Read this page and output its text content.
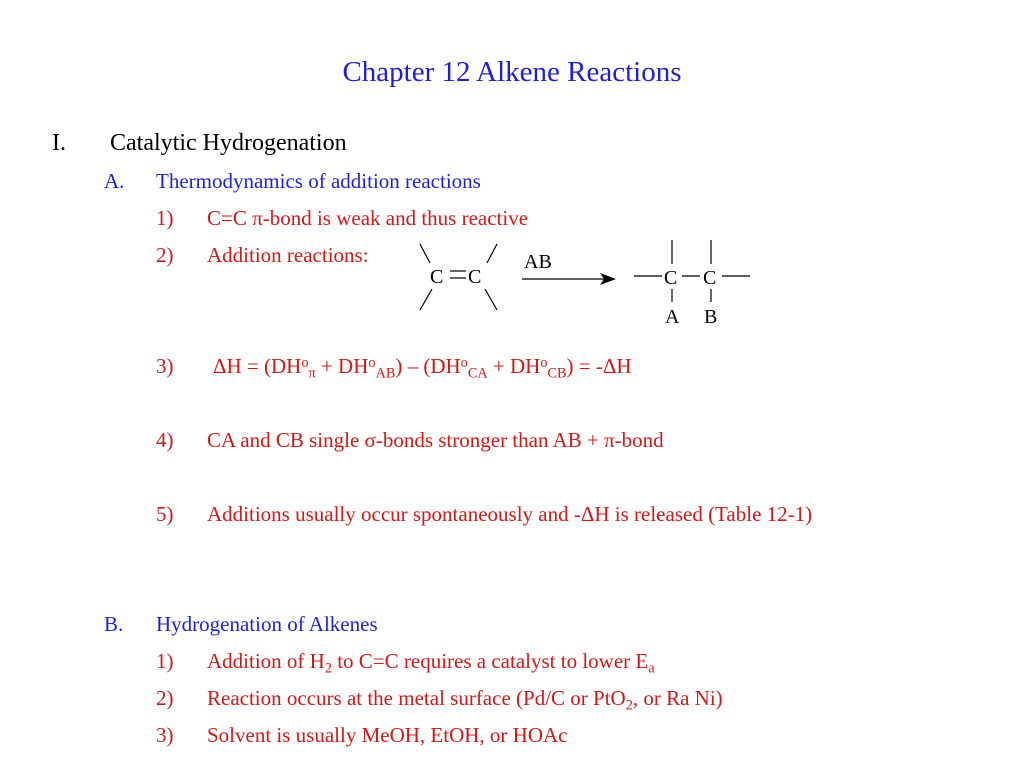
Chapter 12 Alkene Reactions
I. Catalytic Hydrogenation
A. Thermodynamics of addition reactions
1) C=C π-bond is weak and thus reactive
2) Addition reactions:
C C
AB
C C
A B
3) $\Delta H = (DH^o_\pi + DH^o_{AB}) - (DH^o_{CA} + DH^o_{CB}) = -\Delta H$
4) CA and CB single σ-bonds stronger than AB + π-bond
5) Additions usually occur spontaneously and -ΔH is released (Table 12-1)
B. Hydrogenation of Alkenes
1) Addition of $H_2$ to C=C requires a catalyst to lower $E_a$
2) Reaction occurs at the metal surface (Pd/C or PtO$_2$, or Ra Ni)
3) Solvent is usually MeOH, EtOH, or HOAc
